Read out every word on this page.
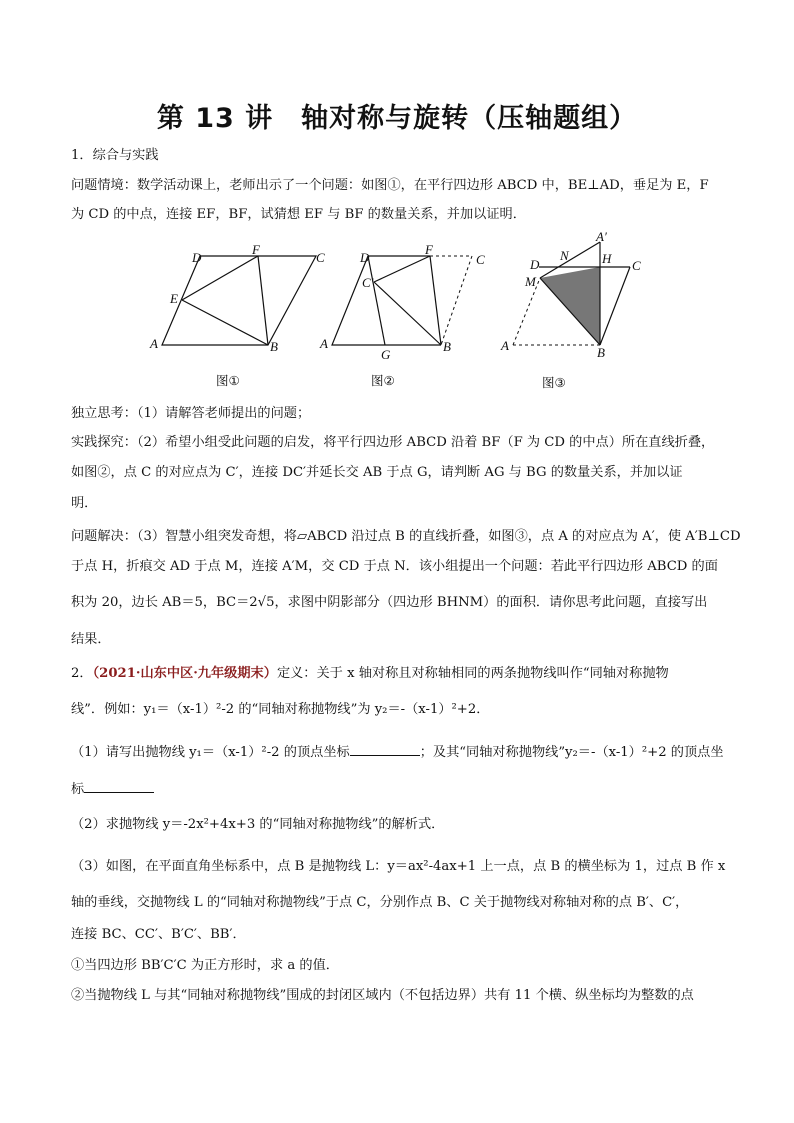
第 13 讲　轴对称与旋转（压轴题组）
1．综合与实践
问题情境：数学活动课上，老师出示了一个问题：如图①，在平行四边形 ABCD 中，BE⊥AD，垂足为 E，F
为 CD 的中点，连接 EF，BF，试猜想 EF 与 BF 的数量关系，并加以证明．
A	B
C
D
E
F
图①
A	B
C
D
F
G
C′
图②
A	B
C
D	H
M
N
A′
图③
独立思考：（1）请解答老师提出的问题；
实践探究：（2）希望小组受此问题的启发，将平行四边形 ABCD 沿着 BF（F 为 CD 的中点）所在直线折叠，
如图②，点 C 的对应点为 C′，连接 DC′并延长交 AB 于点 G，请判断 AG 与 BG 的数量关系，并加以证
明．
问题解决：（3）智慧小组突发奇想，将▱ABCD 沿过点 B 的直线折叠，如图③，点 A 的对应点为 A′，使 A′B⊥CD
于点 H，折痕交 AD 于点 M，连接 A′M，交 CD 于点 N．该小组提出一个问题：若此平行四边形 ABCD 的面
积为 20，边长 AB＝5，BC＝2√5，求图中阴影部分（四边形 BHNM）的面积．请你思考此问题，直接写出
结果．
2．（2021·山东中区·九年级期末）定义：关于 x 轴对称且对称轴相同的两条抛物线叫作“同轴对称抛物
线”．例如：y₁＝（x-1）²-2 的“同轴对称抛物线”为 y₂＝-（x-1）²+2．
（1）请写出抛物线 y₁＝（x-1）²-2 的顶点坐标	；及其“同轴对称抛物线”y₂＝-（x-1）²+2 的顶点坐
标
（2）求抛物线 y＝-2x²+4x+3 的“同轴对称抛物线”的解析式．
（3）如图，在平面直角坐标系中，点 B 是抛物线 L：y＝ax²-4ax+1 上一点，点 B 的横坐标为 1，过点 B 作 x
轴的垂线，交抛物线 L 的“同轴对称抛物线”于点 C，分别作点 B、C 关于抛物线对称轴对称的点 B′、C′，
连接 BC、CC′、B′C′、BB′．
①当四边形 BB′C′C 为正方形时，求 a 的值．
②当抛物线 L 与其“同轴对称抛物线”围成的封闭区域内（不包括边界）共有 11 个横、纵坐标均为整数的点
